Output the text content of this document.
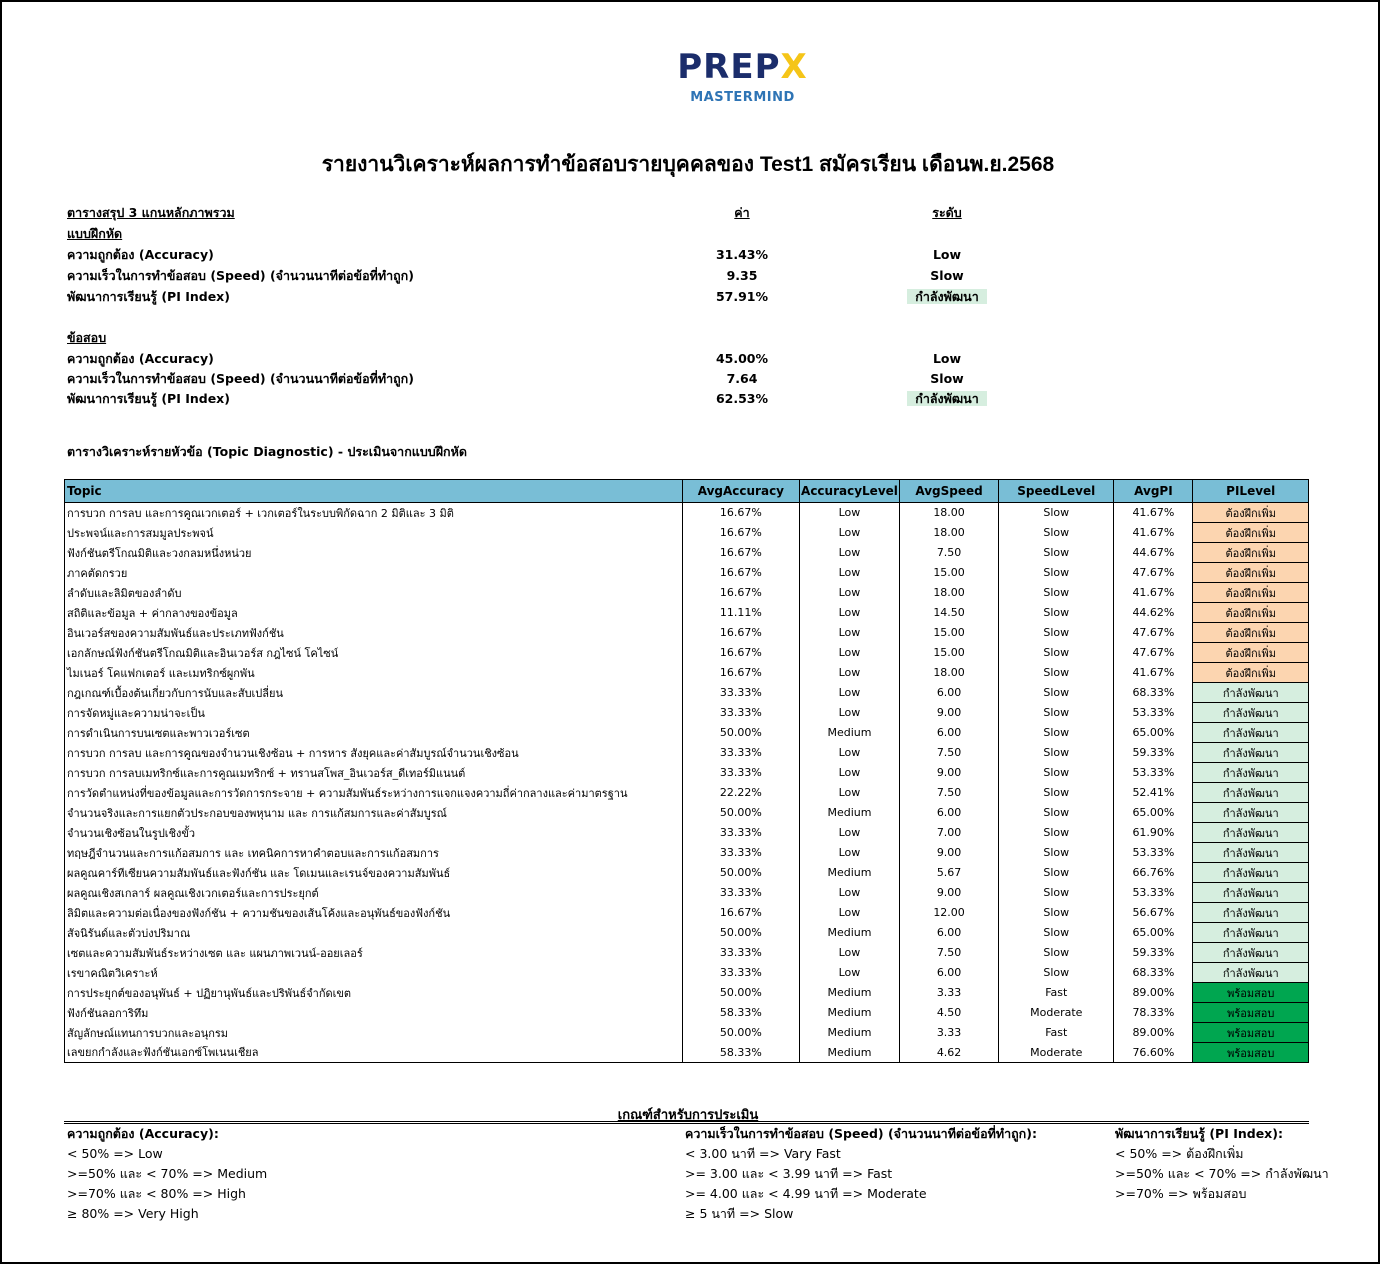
PREPX
MASTERMIND
รายงานวิเคราะห์ผลการทำข้อสอบรายบุคคลของ Test1 สมัครเรียน เดือนพ.ย.2568
ตารางสรุป 3 แกนหลักภาพรวม	ค่า	ระดับ
แบบฝึกหัด
ความถูกต้อง (Accuracy)	31.43%	Low
ความเร็วในการทำข้อสอบ (Speed) (จำนวนนาทีต่อข้อที่ทำถูก)	9.35	Slow
พัฒนาการเรียนรู้ (PI Index)	57.91%	กำลังพัฒนา
ข้อสอบ
ความถูกต้อง (Accuracy)	45.00%	Low
ความเร็วในการทำข้อสอบ (Speed) (จำนวนนาทีต่อข้อที่ทำถูก)	7.64	Slow
พัฒนาการเรียนรู้ (PI Index)	62.53%	กำลังพัฒนา
ตารางวิเคราะห์รายหัวข้อ (Topic Diagnostic) - ประเมินจากแบบฝึกหัด
Topic	AvgAccuracy	AccuracyLevel	AvgSpeed	SpeedLevel	AvgPI	PILevel
การบวก การลบ และการคูณเวกเตอร์ + เวกเตอร์ในระบบพิกัดฉาก 2 มิติและ 3 มิติ	16.67%	Low	18.00	Slow	41.67%	ต้องฝึกเพิ่ม
ประพจน์และการสมมูลประพจน์	16.67%	Low	18.00	Slow	41.67%	ต้องฝึกเพิ่ม
ฟังก์ชันตรีโกณมิติและวงกลมหนึ่งหน่วย	16.67%	Low	7.50	Slow	44.67%	ต้องฝึกเพิ่ม
ภาคตัดกรวย	16.67%	Low	15.00	Slow	47.67%	ต้องฝึกเพิ่ม
ลำดับและลิมิตของลำดับ	16.67%	Low	18.00	Slow	41.67%	ต้องฝึกเพิ่ม
สถิติและข้อมูล + ค่ากลางของข้อมูล	11.11%	Low	14.50	Slow	44.62%	ต้องฝึกเพิ่ม
อินเวอร์สของความสัมพันธ์และประเภทฟังก์ชัน	16.67%	Low	15.00	Slow	47.67%	ต้องฝึกเพิ่ม
เอกลักษณ์ฟังก์ชันตรีโกณมิติและอินเวอร์ส กฎไซน์ โคไซน์	16.67%	Low	15.00	Slow	47.67%	ต้องฝึกเพิ่ม
ไมเนอร์ โคแฟกเตอร์ และเมทริกซ์ผูกพัน	16.67%	Low	18.00	Slow	41.67%	ต้องฝึกเพิ่ม
กฎเกณฑ์เบื้องต้นเกี่ยวกับการนับและสับเปลี่ยน	33.33%	Low	6.00	Slow	68.33%	กำลังพัฒนา
การจัดหมู่และความน่าจะเป็น	33.33%	Low	9.00	Slow	53.33%	กำลังพัฒนา
การดำเนินการบนเซตและพาวเวอร์เซต	50.00%	Medium	6.00	Slow	65.00%	กำลังพัฒนา
การบวก การลบ และการคูณของจำนวนเชิงซ้อน + การหาร สังยุคและค่าสัมบูรณ์จำนวนเชิงซ้อน	33.33%	Low	7.50	Slow	59.33%	กำลังพัฒนา
การบวก การลบเมทริกซ์และการคูณเมทริกซ์ + ทรานสโพส_อินเวอร์ส_ดีเทอร์มิแนนต์	33.33%	Low	9.00	Slow	53.33%	กำลังพัฒนา
การวัดตำแหน่งที่ของข้อมูลและการวัดการกระจาย + ความสัมพันธ์ระหว่างการแจกแจงความถี่ค่ากลางและค่ามาตรฐาน	22.22%	Low	7.50	Slow	52.41%	กำลังพัฒนา
จำนวนจริงและการแยกตัวประกอบของพหุนาม และ การแก้สมการและค่าสัมบูรณ์	50.00%	Medium	6.00	Slow	65.00%	กำลังพัฒนา
จำนวนเชิงซ้อนในรูปเชิงขั้ว	33.33%	Low	7.00	Slow	61.90%	กำลังพัฒนา
ทฤษฎีจำนวนและการแก้อสมการ และ เทคนิคการหาคำตอบและการแก้อสมการ	33.33%	Low	9.00	Slow	53.33%	กำลังพัฒนา
ผลคูณคาร์ทีเซียนความสัมพันธ์และฟังก์ชัน และ โดเมนและเรนจ์ของความสัมพันธ์	50.00%	Medium	5.67	Slow	66.76%	กำลังพัฒนา
ผลคูณเชิงสเกลาร์ ผลคูณเชิงเวกเตอร์และการประยุกต์	33.33%	Low	9.00	Slow	53.33%	กำลังพัฒนา
ลิมิตและความต่อเนื่องของฟังก์ชัน + ความชันของเส้นโค้งและอนุพันธ์ของฟังก์ชัน	16.67%	Low	12.00	Slow	56.67%	กำลังพัฒนา
สัจนิรันด์และตัวบ่งปริมาณ	50.00%	Medium	6.00	Slow	65.00%	กำลังพัฒนา
เซตและความสัมพันธ์ระหว่างเซต และ แผนภาพเวนน์-ออยเลอร์	33.33%	Low	7.50	Slow	59.33%	กำลังพัฒนา
เรขาคณิตวิเคราะห์	33.33%	Low	6.00	Slow	68.33%	กำลังพัฒนา
การประยุกต์ของอนุพันธ์ + ปฏิยานุพันธ์และปริพันธ์จำกัดเขต	50.00%	Medium	3.33	Fast	89.00%	พร้อมสอบ
ฟังก์ชันลอการิทึม	58.33%	Medium	4.50	Moderate	78.33%	พร้อมสอบ
สัญลักษณ์แทนการบวกและอนุกรม	50.00%	Medium	3.33	Fast	89.00%	พร้อมสอบ
เลขยกกำลังและฟังก์ชันเอกซ์โพเนนเชียล	58.33%	Medium	4.62	Moderate	76.60%	พร้อมสอบ
เกณฑ์สำหรับการประเมิน
ความถูกต้อง (Accuracy):
< 50% => Low
>=50% และ < 70% => Medium
>=70% และ < 80% => High
≥ 80% => Very High
ความเร็วในการทำข้อสอบ (Speed) (จำนวนนาทีต่อข้อที่ทำถูก):
< 3.00 นาที => Vary Fast
>= 3.00 และ < 3.99 นาที => Fast
>= 4.00 และ < 4.99 นาที => Moderate
≥ 5 นาที => Slow
พัฒนาการเรียนรู้ (PI Index):
< 50% => ต้องฝึกเพิ่ม
>=50% และ < 70% => กำลังพัฒนา
>=70% => พร้อมสอบ
